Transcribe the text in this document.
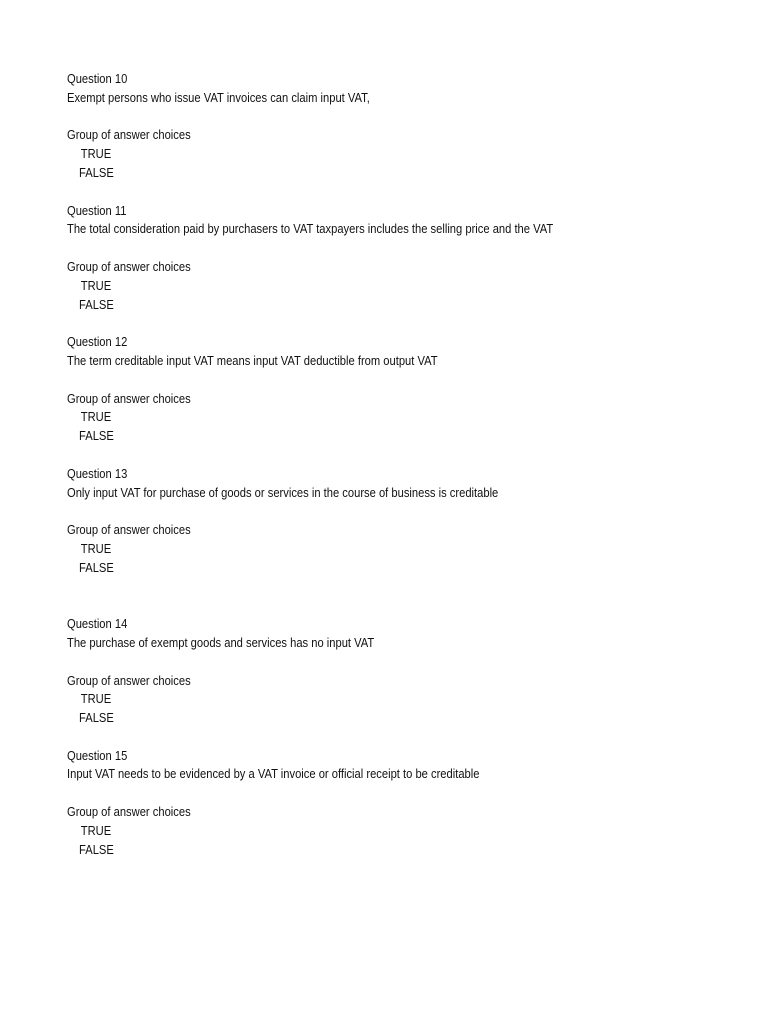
Question 10
Exempt persons who issue VAT invoices can claim input VAT,
Group of answer choices
TRUE
FALSE
Question 11
The total consideration paid by purchasers to VAT taxpayers includes the selling price and the VAT
Group of answer choices
TRUE
FALSE
Question 12
The term creditable input VAT means input VAT deductible from output VAT
Group of answer choices
TRUE
FALSE
Question 13
Only input VAT for purchase of goods or services in the course of business is creditable
Group of answer choices
TRUE
FALSE
Question 14
The purchase of exempt goods and services has no input VAT
Group of answer choices
TRUE
FALSE
Question 15
Input VAT needs to be evidenced by a VAT invoice or official receipt to be creditable
Group of answer choices
TRUE
FALSE
